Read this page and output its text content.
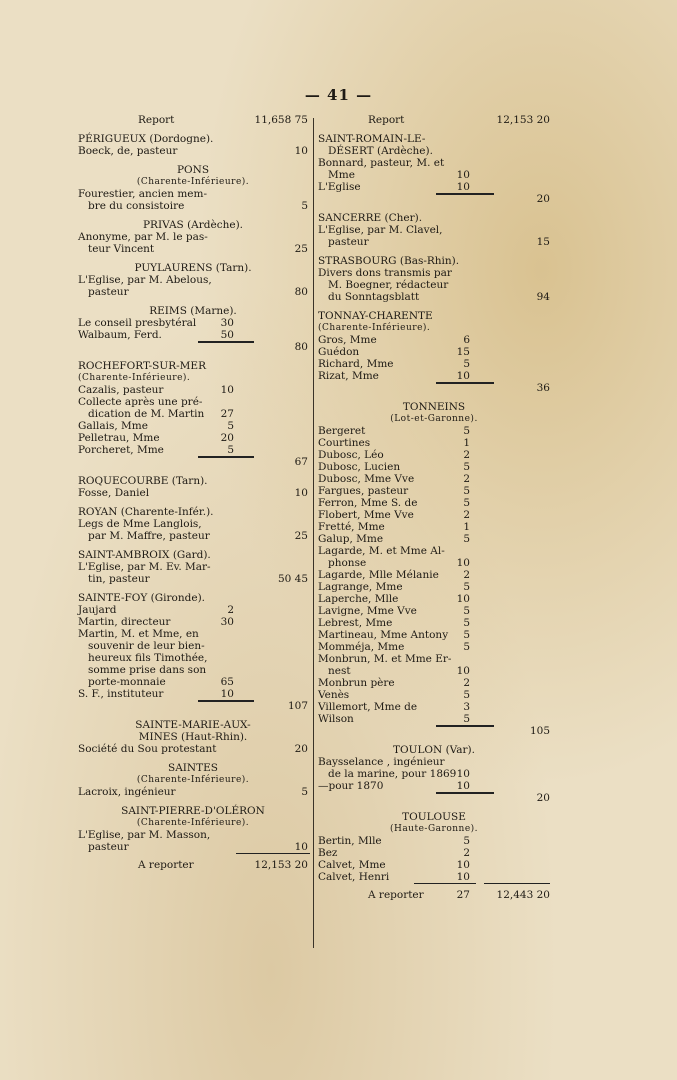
— 41 —
Report	11,658 75
PÉRIGUEUX (Dordogne).
Boeck, de, pasteur	10
PONS
(Charente-Inférieure).
Fourestier, ancien mem-
bre du consistoire	5
PRIVAS (Ardèche).
Anonyme, par M. le pas-
teur Vincent	25
PUYLAURENS (Tarn).
L'Eglise, par M. Abelous,
pasteur	80
REIMS (Marne).
Le conseil presbytéral	30
Walbaum, Ferd.	50
80
ROCHEFORT-SUR-MER
(Charente-Inférieure).
Cazalis, pasteur	10
Collecte après une pré-
dication de M. Martin	27
Gallais, Mme	5
Pelletrau, Mme	20
Porcheret, Mme	5
67
ROQUECOURBE (Tarn).
Fosse, Daniel	10
ROYAN (Charente-Infér.).
Legs de Mme Langlois,
par M. Maffre, pasteur	25
SAINT-AMBROIX (Gard).
L'Eglise, par M. Ev. Mar-
tin, pasteur	50 45
SAINTE-FOY (Gironde).
Jaujard	2
Martin, directeur	30
Martin, M. et Mme, en
souvenir de leur bien-
heureux fils Timothée,
somme prise dans son
porte-monnaie	65
S. F., instituteur	10
107
SAINTE-MARIE-AUX-
MINES (Haut-Rhin).
Société du Sou protestant	20
SAINTES
(Charente-Inférieure).
Lacroix, ingénieur	5
SAINT-PIERRE-D'OLÉRON
(Charente-Inférieure).
L'Eglise, par M. Masson,
pasteur	10
A reporter	12,153 20
Report	12,153 20
SAINT-ROMAIN-LE-
DÉSERT (Ardèche).
Bonnard, pasteur, M. et
Mme	10
L'Eglise	10
20
SANCERRE (Cher).
L'Eglise, par M. Clavel,
pasteur	15
STRASBOURG (Bas-Rhin).
Divers dons transmis par
M. Boegner, rédacteur
du Sonntagsblatt	94
TONNAY-CHARENTE
(Charente-Inférieure).
Gros, Mme	6
Guédon	15
Richard, Mme	5
Rizat, Mme	10
36
TONNEINS
(Lot-et-Garonne).
Bergeret	5
Courtines	1
Dubosc, Léo	2
Dubosc, Lucien	5
Dubosc, Mme Vve	2
Fargues, pasteur	5
Ferron, Mme S. de	5
Flobert, Mme Vve	2
Fretté, Mme	1
Galup, Mme	5
Lagarde, M. et Mme Al-
phonse	10
Lagarde, Mlle Mélanie	2
Lagrange, Mme	5
Laperche, Mlle	10
Lavigne, Mme Vve	5
Lebrest, Mme	5
Martineau, Mme Antony	5
Momméja, Mme	5
Monbrun, M. et Mme Er-
nest	10
Monbrun père	2
Venès	5
Villemort, Mme de	3
Wilson	5
105
TOULON (Var).
Baysselance , ingénieur
de la marine, pour 1869 10
—pour 1870	10
20
TOULOUSE
(Haute-Garonne).
Bertin, Mlle	5
Bez	2
Calvet, Mme	10
Calvet, Henri	10
A reporter	27	12,443 20
